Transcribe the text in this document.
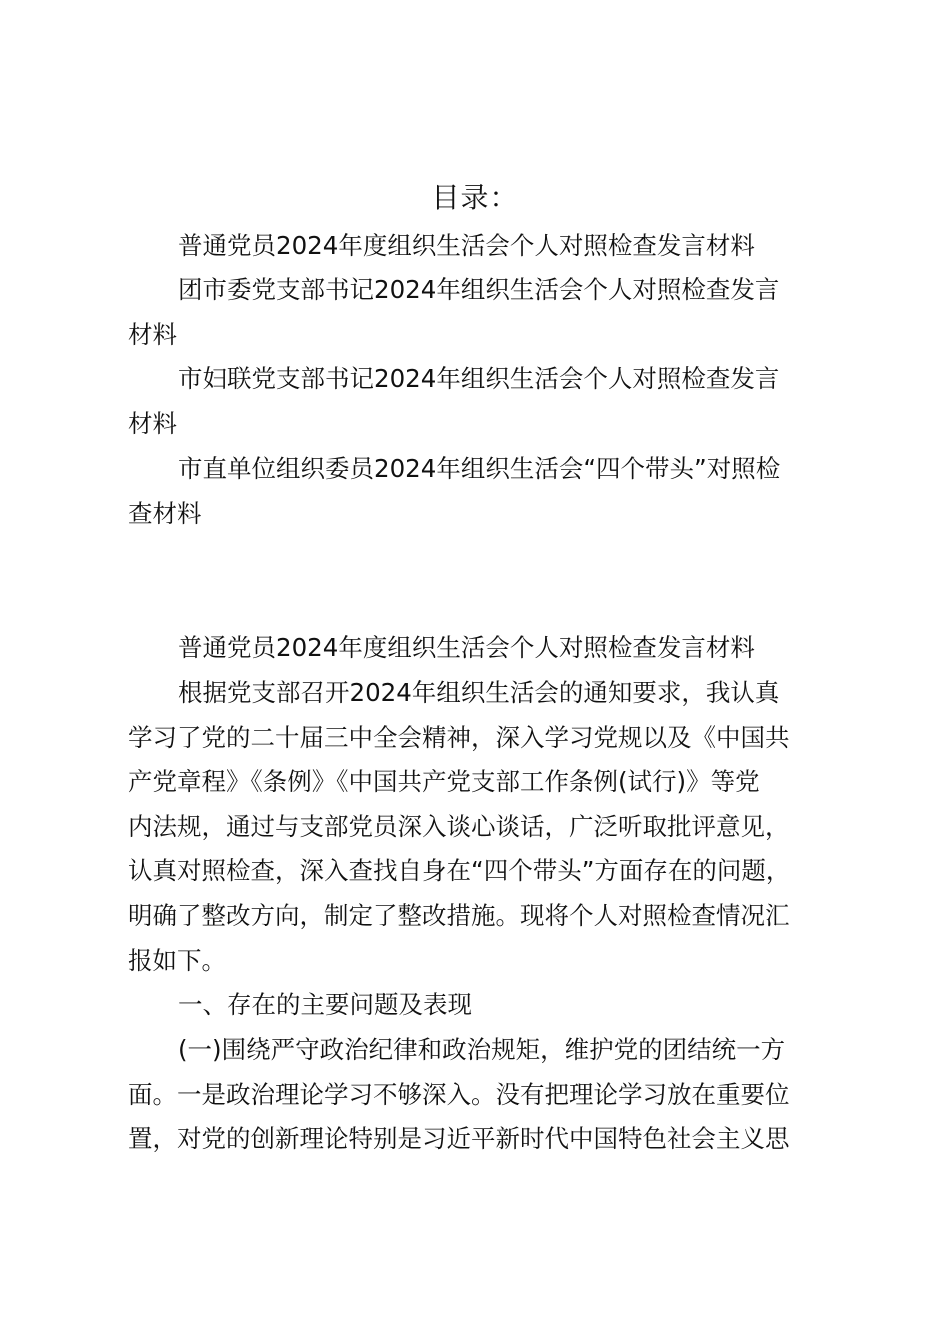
目录：
普通党员2024年度组织生活会个人对照检查发言材料
团市委党支部书记2024年组织生活会个人对照检查发言
材料
市妇联党支部书记2024年组织生活会个人对照检查发言
材料
市直单位组织委员2024年组织生活会“四个带头”对照检
查材料
普通党员2024年度组织生活会个人对照检查发言材料
根据党支部召开2024年组织生活会的通知要求，我认真
学习了党的二十届三中全会精神，深入学习党规以及《中国共
产党章程》《条例》《中国共产党支部工作条例(试行)》等党
内法规，通过与支部党员深入谈心谈话，广泛听取批评意见，
认真对照检查，深入查找自身在“四个带头”方面存在的问题，
明确了整改方向，制定了整改措施。现将个人对照检查情况汇
报如下。
一、存在的主要问题及表现
(一)围绕严守政治纪律和政治规矩，维护党的团结统一方
面。一是政治理论学习不够深入。没有把理论学习放在重要位
置，对党的创新理论特别是习近平新时代中国特色社会主义思
